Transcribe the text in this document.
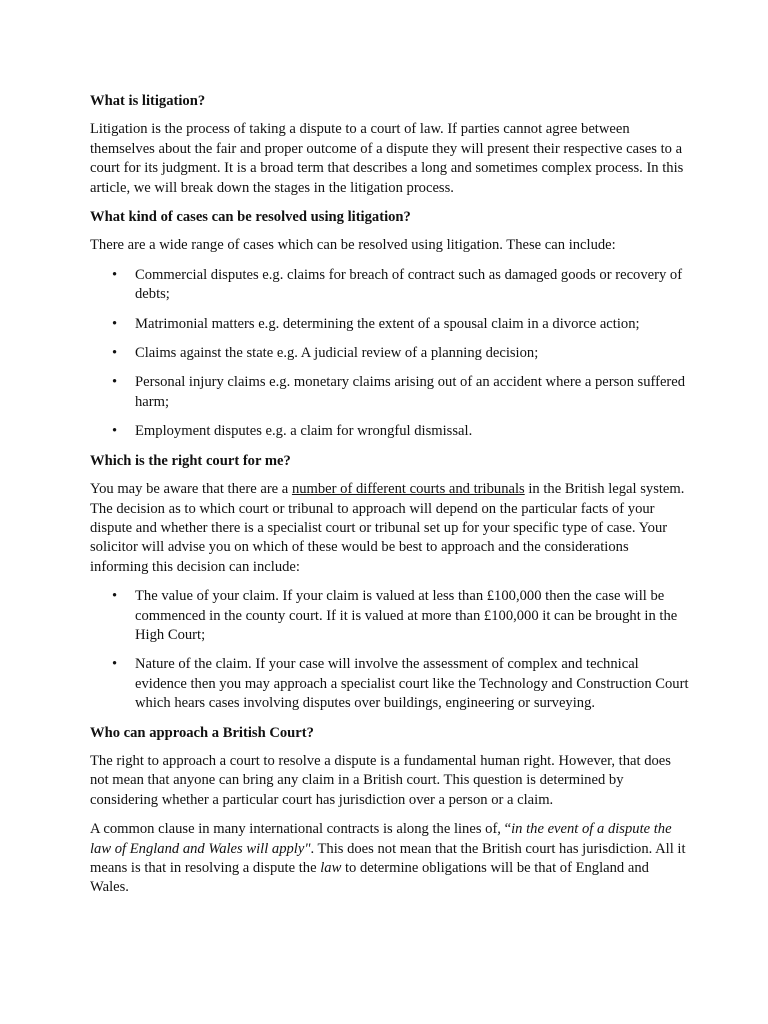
What is litigation?

Litigation is the process of taking a dispute to a court of law. If parties cannot agree between themselves about the fair and proper outcome of a dispute they will present their respective cases to a court for its judgment. It is a broad term that describes a long and sometimes complex process. In this article, we will break down the stages in the litigation process.

What kind of cases can be resolved using litigation?

There are a wide range of cases which can be resolved using litigation. These can include:

• Commercial disputes e.g. claims for breach of contract such as damaged goods or recovery of debts;
• Matrimonial matters e.g. determining the extent of a spousal claim in a divorce action;
• Claims against the state e.g. A judicial review of a planning decision;
• Personal injury claims e.g. monetary claims arising out of an accident where a person suffered harm;
• Employment disputes e.g. a claim for wrongful dismissal.
Which is the right court for me?

You may be aware that there are a number of different courts and tribunals in the British legal system. The decision as to which court or tribunal to approach will depend on the particular facts of your dispute and whether there is a specialist court or tribunal set up for your specific type of case. Your solicitor will advise you on which of these would be best to approach and the considerations informing this decision can include:

• The value of your claim. If your claim is valued at less than £100,000 then the case will be commenced in the county court. If it is valued at more than £100,000 it can be brought in the High Court;
• Nature of the claim. If your case will involve the assessment of complex and technical evidence then you may approach a specialist court like the Technology and Construction Court which hears cases involving disputes over buildings, engineering or surveying.
Who can approach a British Court?

The right to approach a court to resolve a dispute is a fundamental human right. However, that does not mean that anyone can bring any claim in a British court. This question is determined by considering whether a particular court has jurisdiction over a person or a claim.

A common clause in many international contracts is along the lines of, “in the event of a dispute the law of England and Wales will apply". This does not mean that the British court has jurisdiction. All it means is that in resolving a dispute the law to determine obligations will be that of England and Wales.
